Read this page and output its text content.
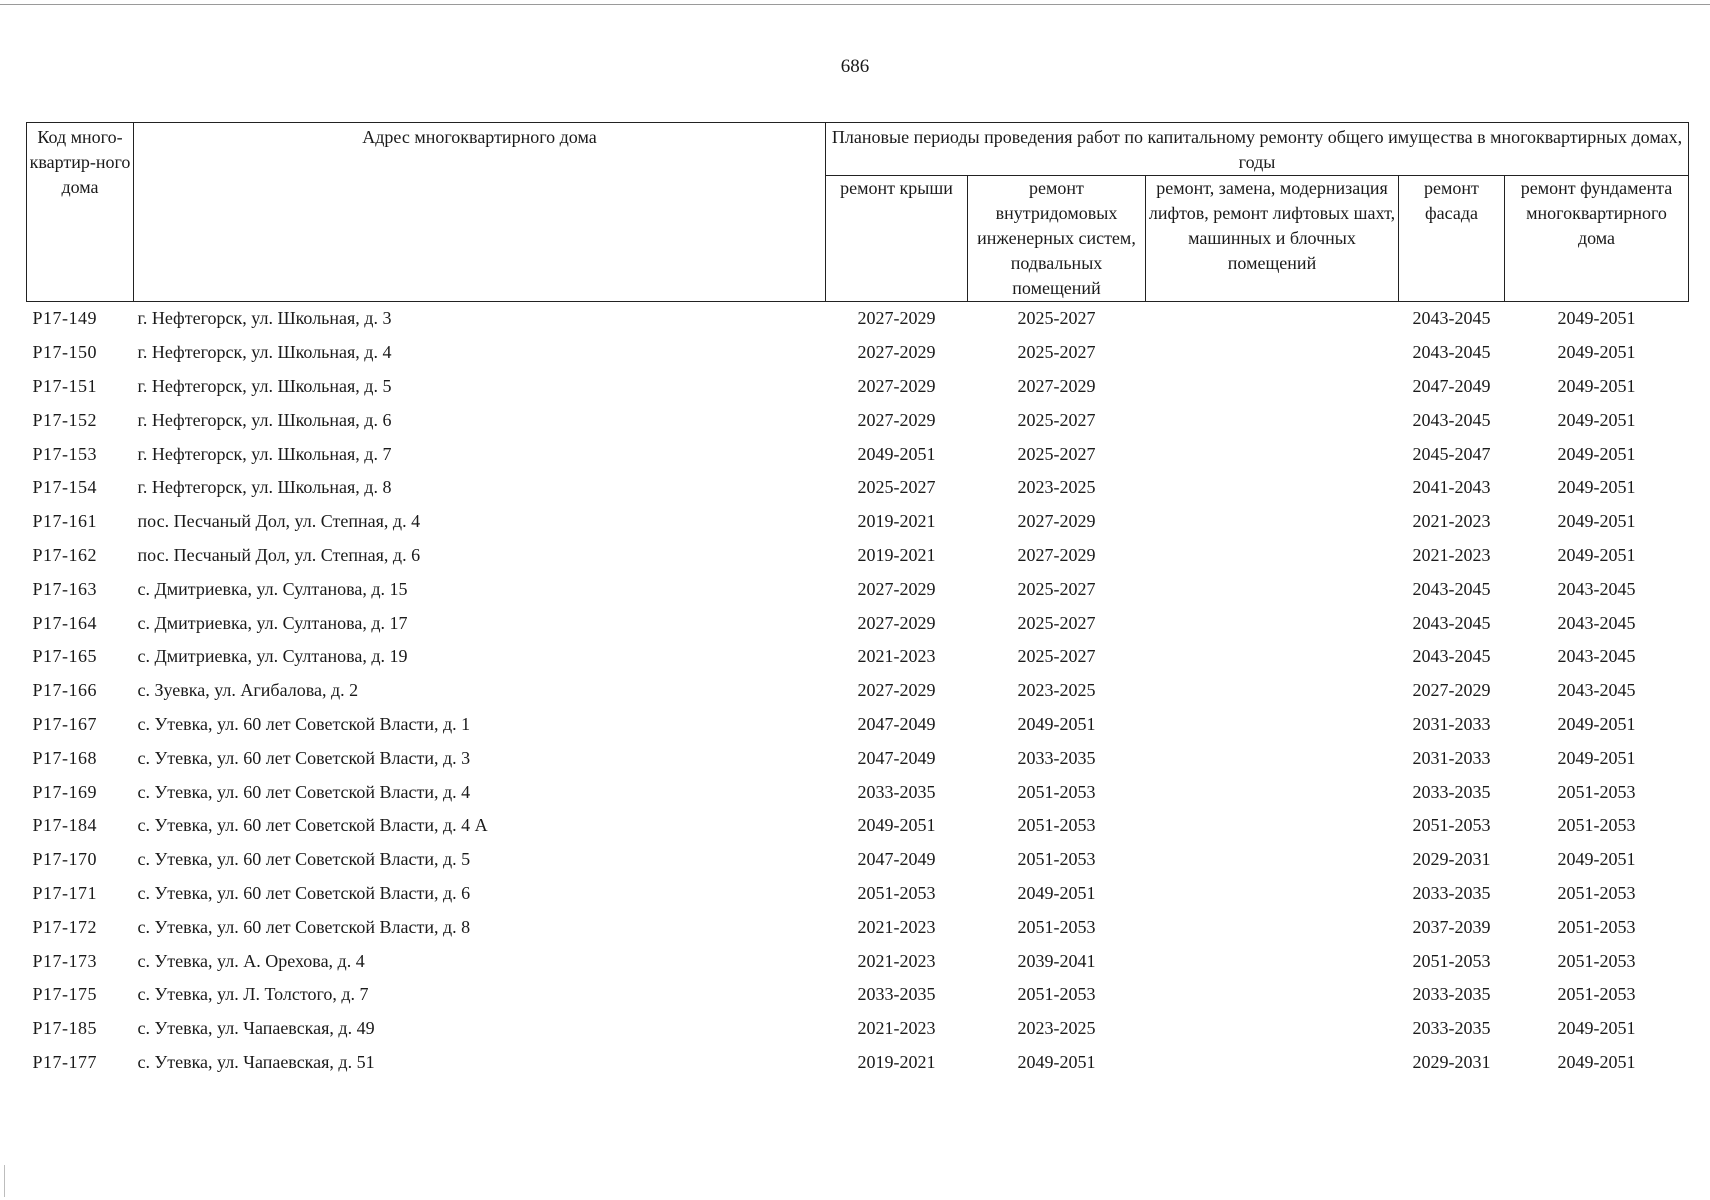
686
Код много-квартир-ного дома	Адрес многоквартирного дома	Плановые периоды проведения работ по капитальному ремонту общего имущества в многоквартирных домах, годы				
		ремонт крыши	ремонт внутридомовых инженерных систем, подвальных помещений	ремонт, замена, модернизация лифтов, ремонт лифтовых шахт, машинных и блочных помещений	ремонт фасада	ремонт фундамента многоквартирного дома
Р17-149	г. Нефтегорск, ул. Школьная, д. 3	2027-2029	2025-2027		2043-2045	2049-2051
Р17-150	г. Нефтегорск, ул. Школьная, д. 4	2027-2029	2025-2027		2043-2045	2049-2051
Р17-151	г. Нефтегорск, ул. Школьная, д. 5	2027-2029	2027-2029		2047-2049	2049-2051
Р17-152	г. Нефтегорск, ул. Школьная, д. 6	2027-2029	2025-2027		2043-2045	2049-2051
Р17-153	г. Нефтегорск, ул. Школьная, д. 7	2049-2051	2025-2027		2045-2047	2049-2051
Р17-154	г. Нефтегорск, ул. Школьная, д. 8	2025-2027	2023-2025		2041-2043	2049-2051
Р17-161	пос. Песчаный Дол, ул. Степная, д. 4	2019-2021	2027-2029		2021-2023	2049-2051
Р17-162	пос. Песчаный Дол, ул. Степная, д. 6	2019-2021	2027-2029		2021-2023	2049-2051
Р17-163	с. Дмитриевка, ул. Султанова, д. 15	2027-2029	2025-2027		2043-2045	2043-2045
Р17-164	с. Дмитриевка, ул. Султанова, д. 17	2027-2029	2025-2027		2043-2045	2043-2045
Р17-165	с. Дмитриевка, ул. Султанова, д. 19	2021-2023	2025-2027		2043-2045	2043-2045
Р17-166	с. Зуевка, ул. Агибалова, д. 2	2027-2029	2023-2025		2027-2029	2043-2045
Р17-167	с. Утевка, ул. 60 лет Советской Власти, д. 1	2047-2049	2049-2051		2031-2033	2049-2051
Р17-168	с. Утевка, ул. 60 лет Советской Власти, д. 3	2047-2049	2033-2035		2031-2033	2049-2051
Р17-169	с. Утевка, ул. 60 лет Советской Власти, д. 4	2033-2035	2051-2053		2033-2035	2051-2053
Р17-184	с. Утевка, ул. 60 лет Советской Власти, д. 4 А	2049-2051	2051-2053		2051-2053	2051-2053
Р17-170	с. Утевка, ул. 60 лет Советской Власти, д. 5	2047-2049	2051-2053		2029-2031	2049-2051
Р17-171	с. Утевка, ул. 60 лет Советской Власти, д. 6	2051-2053	2049-2051		2033-2035	2051-2053
Р17-172	с. Утевка, ул. 60 лет Советской Власти, д. 8	2021-2023	2051-2053		2037-2039	2051-2053
Р17-173	с. Утевка, ул. А. Орехова, д. 4	2021-2023	2039-2041		2051-2053	2051-2053
Р17-175	с. Утевка, ул. Л. Толстого, д. 7	2033-2035	2051-2053		2033-2035	2051-2053
Р17-185	с. Утевка, ул. Чапаевская, д. 49	2021-2023	2023-2025		2033-2035	2049-2051
Р17-177	с. Утевка, ул. Чапаевская, д. 51	2019-2021	2049-2051		2029-2031	2049-2051
